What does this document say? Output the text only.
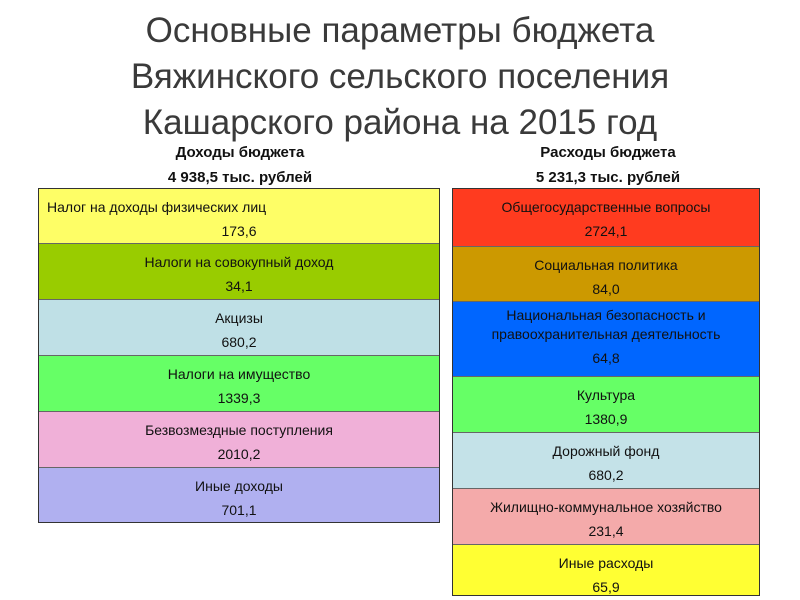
Основные параметры бюджета
Вяжинского сельского поселения
Кашарского района на 2015 год
Доходы бюджета
4 938,5 тыс. рублей
Расходы бюджета
5 231,3 тыс. рублей
Налог на доходы физических лиц
173,6
Налоги на совокупный доход
34,1
Акцизы
680,2
Налоги на имущество
1339,3
Безвозмездные поступления
2010,2
Иные доходы
701,1
Общегосударственные вопросы
2724,1
Социальная политика
84,0
Национальная безопасность и правоохранительная деятельность
64,8
Культура
1380,9
Дорожный фонд
680,2
Жилищно-коммунальное хозяйство
231,4
Иные расходы
65,9
